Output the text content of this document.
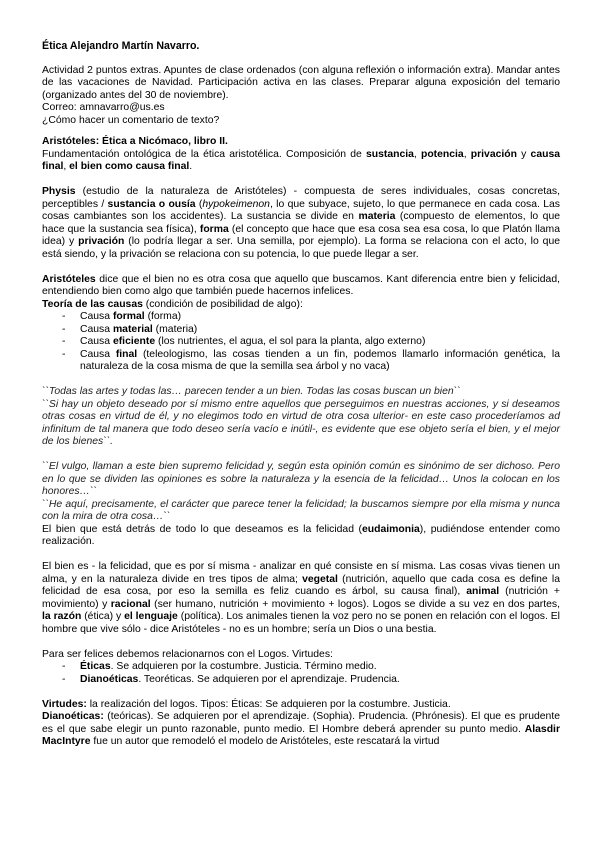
Ética Alejandro Martín Navarro.

Actividad 2 puntos extras. Apuntes de clase ordenados (con alguna reflexión o información extra). Mandar antes de las vacaciones de Navidad. Participación activa en las clases. Preparar alguna exposición del temario (organizado antes del 30 de noviembre).

Correo: amnavarro@us.es

¿Cómo hacer un comentario de texto?

Aristóteles: Ética a Nicómaco, libro II.

Fundamentación ontológica de la ética aristotélica. Composición de sustancia, potencia, privación y causa final, el bien como causa final.

Physis (estudio de la naturaleza de Aristóteles) - compuesta de seres individuales, cosas concretas, perceptibles / sustancia o ousía (hypokeimenon, lo que subyace, sujeto, lo que permanece en cada cosa. Las cosas cambiantes son los accidentes). La sustancia se divide en materia (compuesto de elementos, lo que hace que la sustancia sea física), forma (el concepto que hace que esa cosa sea esa cosa, lo que Platón llama idea) y privación (lo podría llegar a ser. Una semilla, por ejemplo). La forma se relaciona con el acto, lo que está siendo, y la privación se relaciona con su potencia, lo que puede llegar a ser.

Aristóteles dice que el bien no es otra cosa que aquello que buscamos. Kant diferencia entre bien y felicidad, entendiendo bien como algo que también puede hacernos infelices.

Teoría de las causas (condición de posibilidad de algo):

- Causa formal (forma)
- Causa material (materia)
- Causa eficiente (los nutrientes, el agua, el sol para la planta, algo externo)
- Causa final (teleologismo, las cosas tienden a un fin, podemos llamarlo información genética, la naturaleza de la cosa misma de que la semilla sea árbol y no vaca)

``Todas las artes y todas las… parecen tender a un bien. Todas las cosas buscan un bien``

``Si hay un objeto deseado por sí mismo entre aquellos que perseguimos en nuestras acciones, y si deseamos otras cosas en virtud de él, y no elegimos todo en virtud de otra cosa ulterior- en este caso procederíamos ad infinitum de tal manera que todo deseo sería vacío e inútil-, es evidente que ese objeto sería el bien, y el mejor de los bienes``.

``El vulgo, llaman a este bien supremo felicidad y, según esta opinión común es sinónimo de ser dichoso. Pero en lo que se dividen las opiniones es sobre la naturaleza y la esencia de la felicidad… Unos la colocan en los honores…``

``He aquí, precisamente, el carácter que parece tener la felicidad; la buscamos siempre por ella misma y nunca con la mira de otra cosa…``

El bien que está detrás de todo lo que deseamos es la felicidad (eudaimonia), pudiéndose entender como realización.

El bien es - la felicidad, que es por sí misma - analizar en qué consiste en sí misma. Las cosas vivas tienen un alma, y en la naturaleza divide en tres tipos de alma; vegetal (nutrición, aquello que cada cosa es define la felicidad de esa cosa, por eso la semilla es feliz cuando es árbol, su causa final), animal (nutrición + movimiento) y racional (ser humano, nutrición + movimiento + logos). Logos se divide a su vez en dos partes, la razón (ética) y el lenguaje (política). Los animales tienen la voz pero no se ponen en relación con el logos. El hombre que vive sólo - dice Aristóteles - no es un hombre; sería un Dios o una bestia.

Para ser felices debemos relacionarnos con el Logos. Virtudes:

- Éticas. Se adquieren por la costumbre. Justicia. Término medio.
- Dianoéticas. Teoréticas. Se adquieren por el aprendizaje. Prudencia.

Virtudes: la realización del logos. Tipos: Éticas: Se adquieren por la costumbre. Justicia.

Dianoéticas: (teóricas). Se adquieren por el aprendizaje. (Sophia). Prudencia. (Phrónesis). El que es prudente es el que sabe elegir un punto razonable, punto medio. El Hombre deberá aprender su punto medio. Alasdir MacIntyre fue un autor que remodeló el modelo de Aristóteles, este rescatará la virtud
